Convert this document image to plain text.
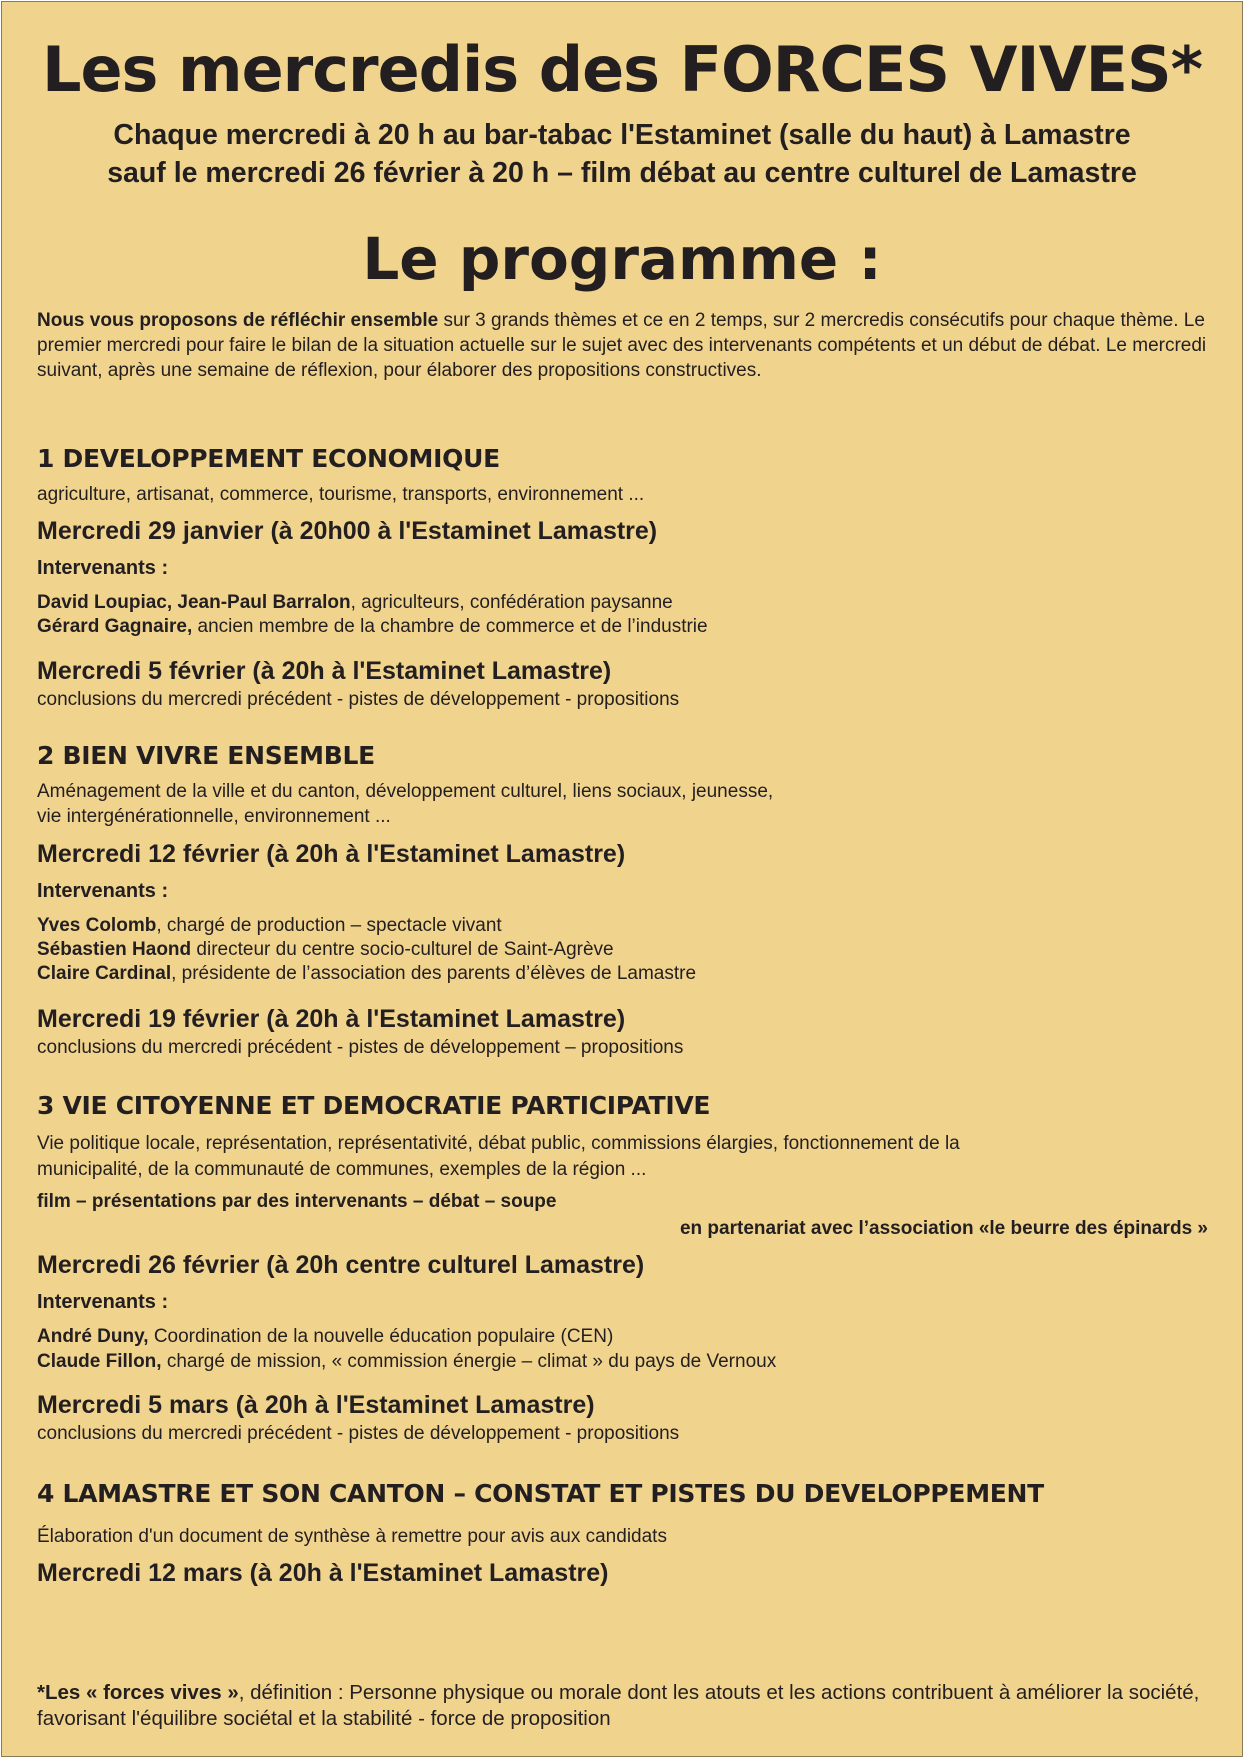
Les mercredis des FORCES VIVES*
Chaque mercredi à 20 h au bar-tabac l'Estaminet (salle du haut) à Lamastre
sauf le mercredi 26 février à 20 h – film débat au centre culturel de Lamastre
Le programme :
Nous vous proposons de réfléchir ensemble sur 3 grands thèmes et ce en 2 temps, sur 2 mercredis consécutifs pour chaque thème. Le premier mercredi pour faire le bilan de la situation actuelle sur le sujet avec des intervenants compétents et un début de débat. Le mercredi suivant, après une semaine de réflexion, pour élaborer des propositions constructives.
1 DEVELOPPEMENT ECONOMIQUE
agriculture, artisanat, commerce, tourisme, transports, environnement ...
Mercredi 29 janvier (à 20h00 à l'Estaminet Lamastre)
Intervenants :
David Loupiac, Jean-Paul Barralon, agriculteurs, confédération paysanne
Gérard Gagnaire, ancien membre de la chambre de commerce et de l’industrie
Mercredi 5 février (à 20h à l'Estaminet Lamastre)
conclusions du mercredi précédent - pistes de développement - propositions
2 BIEN VIVRE ENSEMBLE
Aménagement de la ville et du canton, développement culturel, liens sociaux, jeunesse,
vie intergénérationnelle, environnement ...
Mercredi 12 février (à 20h à l'Estaminet Lamastre)
Intervenants :
Yves Colomb, chargé de production – spectacle vivant
Sébastien Haond directeur du centre socio-culturel de Saint-Agrève
Claire Cardinal, présidente de l’association des parents d’élèves de Lamastre
Mercredi 19 février (à 20h à l'Estaminet Lamastre)
conclusions du mercredi précédent - pistes de développement – propositions
3 VIE CITOYENNE ET DEMOCRATIE PARTICIPATIVE
Vie politique locale, représentation, représentativité, débat public, commissions élargies, fonctionnement de la
municipalité, de la communauté de communes, exemples de la région ...
film – présentations par des intervenants – débat – soupe
en partenariat avec l’association «le beurre des épinards »
Mercredi 26 février (à 20h centre culturel Lamastre)
Intervenants :
André Duny, Coordination de la nouvelle éducation populaire (CEN)
Claude Fillon, chargé de mission, « commission énergie – climat » du pays de Vernoux
Mercredi 5 mars (à 20h à l'Estaminet Lamastre)
conclusions du mercredi précédent - pistes de développement - propositions
4 LAMASTRE ET SON CANTON – CONSTAT ET PISTES DU DEVELOPPEMENT
Élaboration d'un document de synthèse à remettre pour avis aux candidats
Mercredi 12 mars (à 20h à l'Estaminet Lamastre)
*Les « forces vives », définition : Personne physique ou morale dont les atouts et les actions contribuent à améliorer la société, favorisant l'équilibre sociétal et la stabilité - force de proposition
